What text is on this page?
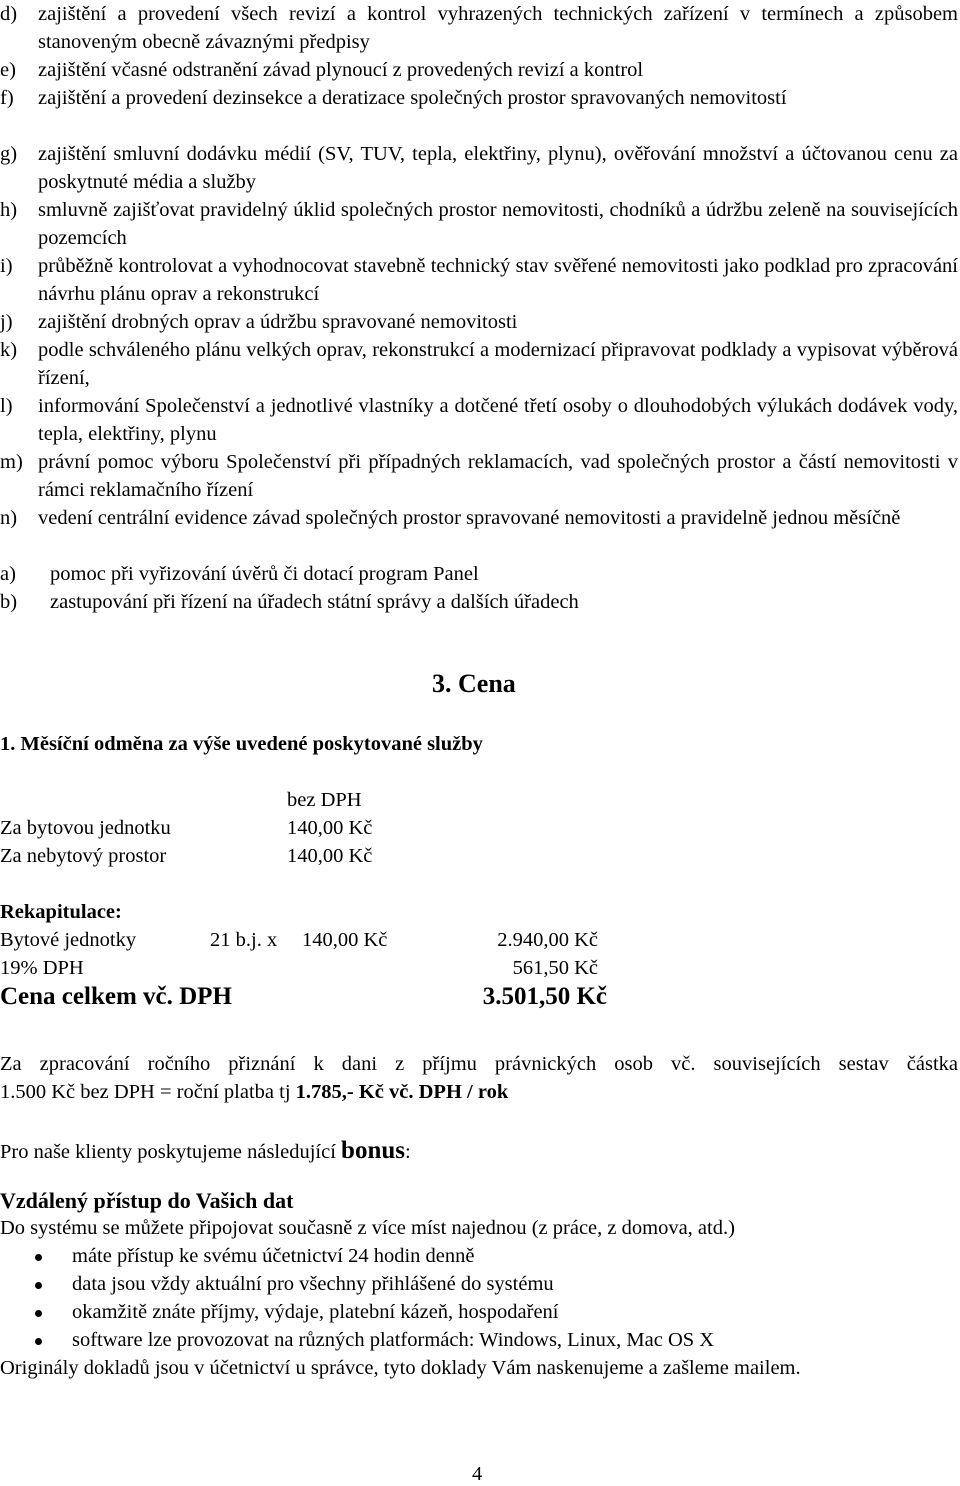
d) zajištění a provedení všech revizí a kontrol vyhrazených technických zařízení v termínech a způsobem stanoveným obecně závaznými předpisy
e) zajištění včasné odstranění závad plynoucí z provedených revizí a kontrol
f) zajištění a provedení dezinsekce a deratizace společných prostor spravovaných nemovitostí
g) zajištění smluvní dodávku médií (SV, TUV, tepla, elektřiny, plynu), ověřování množství a účtovanou cenu za poskytnuté média a služby
h) smluvně zajišťovat pravidelný úklid společných prostor nemovitosti, chodníků a údržbu zeleně na souvisejících pozemcích
i) průběžně kontrolovat a vyhodnocovat stavebně technický stav svěřené nemovitosti jako podklad pro zpracování návrhu plánu oprav a rekonstrukcí
j) zajištění drobných oprav a údržbu spravované nemovitosti
k) podle schváleného plánu velkých oprav, rekonstrukcí a modernizací připravovat podklady a vypisovat výběrová řízení,
l) informování Společenství a jednotlivé vlastníky a dotčené třetí osoby o dlouhodobých výlukách dodávek vody, tepla, elektřiny, plynu
m) právní pomoc výboru Společenství při případných reklamacích, vad společných prostor a částí nemovitosti v rámci reklamačního řízení
n) vedení centrální evidence závad společných prostor spravované nemovitosti a pravidelně jednou měsíčně
a) pomoc při vyřizování úvěrů či dotací program Panel
b) zastupování při řízení na úřadech státní správy a dalších úřadech
3. Cena
1. Měsíční odměna za výše uvedené poskytované služby
bez DPH
Za bytovou jednotku	140,00 Kč
Za nebytový prostor	140,00 Kč
Rekapitulace:
Bytové jednotky	21 b.j. x 140,00 Kč	2.940,00 Kč
19% DPH	561,50 Kč
Cena celkem vč. DPH	3.501,50 Kč
Za zpracování ročního přiznání k dani z příjmu právnických osob vč. souvisejících sestav částka
1.500 Kč bez DPH = roční platba tj 1.785,- Kč vč. DPH / rok
Pro naše klienty poskytujeme následující bonus:
Vzdálený přístup do Vašich dat
Do systému se můžete připojovat současně z více míst najednou (z práce, z domova, atd.)
máte přístup ke svému účetnictví 24 hodin denně
data jsou vždy aktuální pro všechny přihlášené do systému
okamžitě znáte příjmy, výdaje, platební kázeň, hospodaření
software lze provozovat na různých platformách: Windows, Linux, Mac OS X
Originály dokladů jsou v účetnictví u správce, tyto doklady Vám naskenujeme a zašleme mailem.
4
